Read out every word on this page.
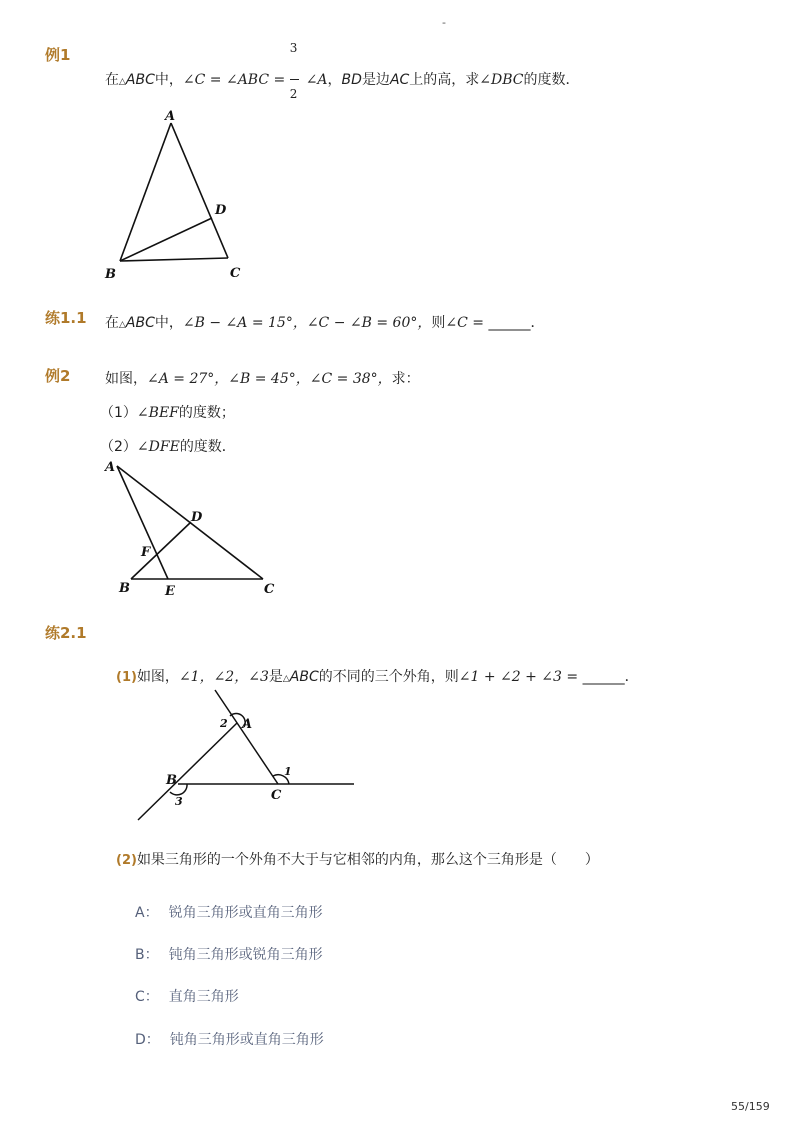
-
例1
在△ABC中，∠C = ∠ABC = $\frac{3}{2}$ ∠A，BD是边AC上的高，求∠DBC的度数．
A
B	C
D
练1.1 在△ABC中，∠B − ∠A = 15°，∠C − ∠B = 60°，则∠C = ______．
例2 如图，∠A = 27°，∠B = 45°，∠C = 38°，求：
（1）∠BEF的度数；
（2）∠DFE的度数．
A
B	C
D
E
F
练2.1
(1)如图，∠1，∠2，∠3是△ABC的不同的三个外角，则∠1 + ∠2 + ∠3 = ______．
A
B
C
1
2
3
(2)如果三角形的一个外角不大于与它相邻的内角，那么这个三角形是（　　）
A： 锐角三角形或直角三角形
B： 钝角三角形或锐角三角形
C： 直角三角形
D： 钝角三角形或直角三角形
55/159
